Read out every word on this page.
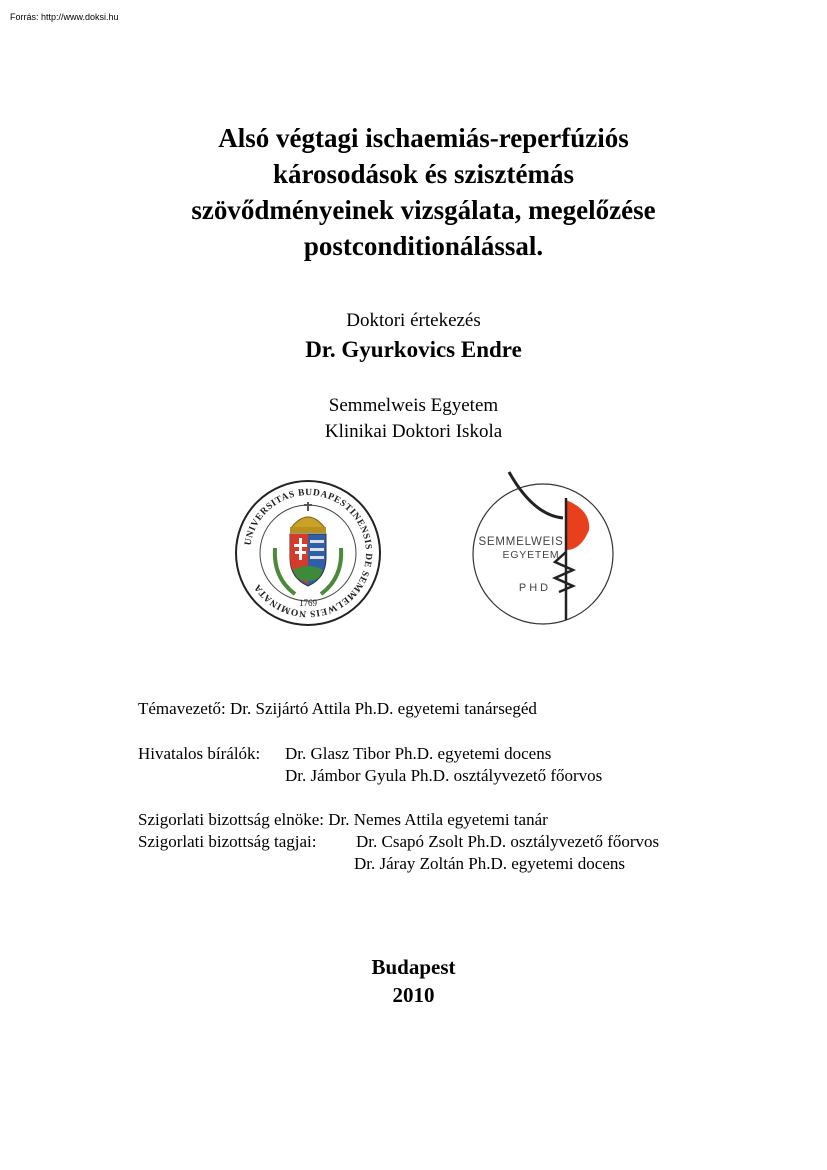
Forrás: http://www.doksi.hu
Alsó végtagi ischaemiás-reperfúziós
károsodások és szisztémás
szövődményeinek vizsgálata, megelőzése
postconditionálással.
Doktori értekezés
Dr. Gyurkovics Endre
Semmelweis Egyetem
Klinikai Doktori Iskola
UNIVERSITAS BUDAPESTINENSIS DE SEMMELWEIS NOMINATA
1769
SEMMELWEIS
EGYETEM
PHD
Témavezető: Dr. Szijártó Attila Ph.D. egyetemi tanársegéd
Hivatalos bírálók: Dr. Glasz Tibor Ph.D. egyetemi docens
Dr. Jámbor Gyula Ph.D. osztályvezető főorvos
Szigorlati bizottság elnöke: Dr. Nemes Attila egyetemi tanár
Szigorlati bizottság tagjai: Dr. Csapó Zsolt Ph.D. osztályvezető főorvos
Dr. Járay Zoltán Ph.D. egyetemi docens
Budapest
2010
